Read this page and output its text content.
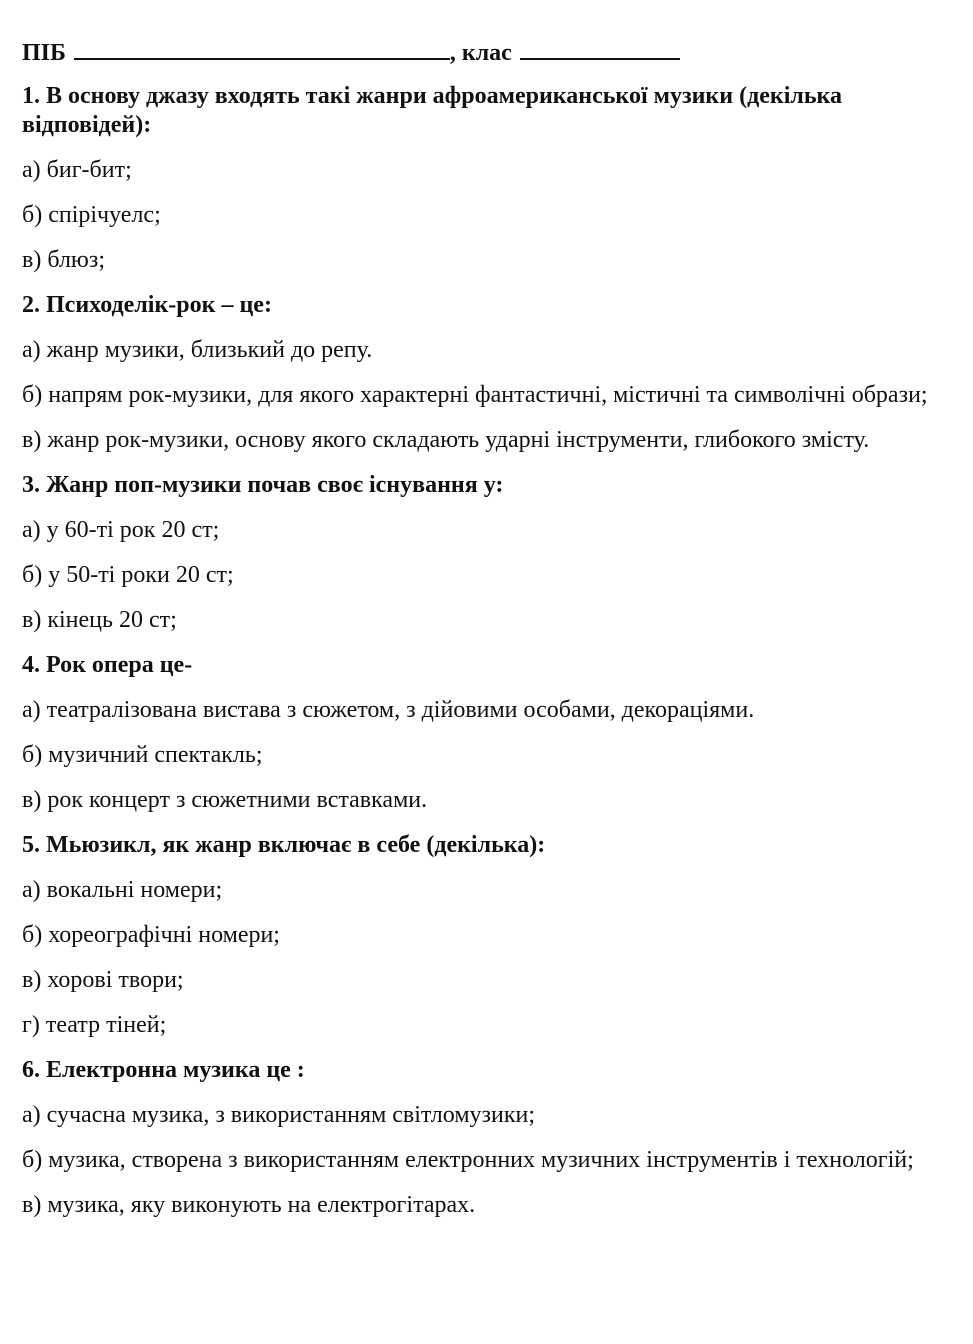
ПІБ	, клас

1. В основу джазу входять такі жанри афроамериканської музики (декілька відповідей):

а) биг-бит;

б) спірічуелс;

в) блюз;

2. Психоделік-рок – це:

а) жанр музики, близький до репу.

б) напрям рок-музики, для якого характерні фантастичні, містичні та символічні образи;

в) жанр рок-музики, основу якого складають ударні інструменти, глибокого змісту.

3. Жанр поп-музики почав своє існування у:

а) у 60-ті рок 20 ст;

б) у 50-ті роки 20 ст;

в) кінець 20 ст;

4. Рок опера це-

а) театралізована вистава з сюжетом, з дійовими особами, декораціями.

б) музичний спектакль;

в) рок концерт з сюжетними вставками.

5. Мьюзикл, як жанр включає в себе (декілька):

а) вокальні номери;

б) хореографічні номери;

в) хорові твори;

г) театр тіней;

6. Електронна музика це :

а) сучасна музика, з використанням світломузики;

б) музика, створена з використанням електронних музичних інструментів і технологій;

в) музика, яку виконують на електрогітарах.
